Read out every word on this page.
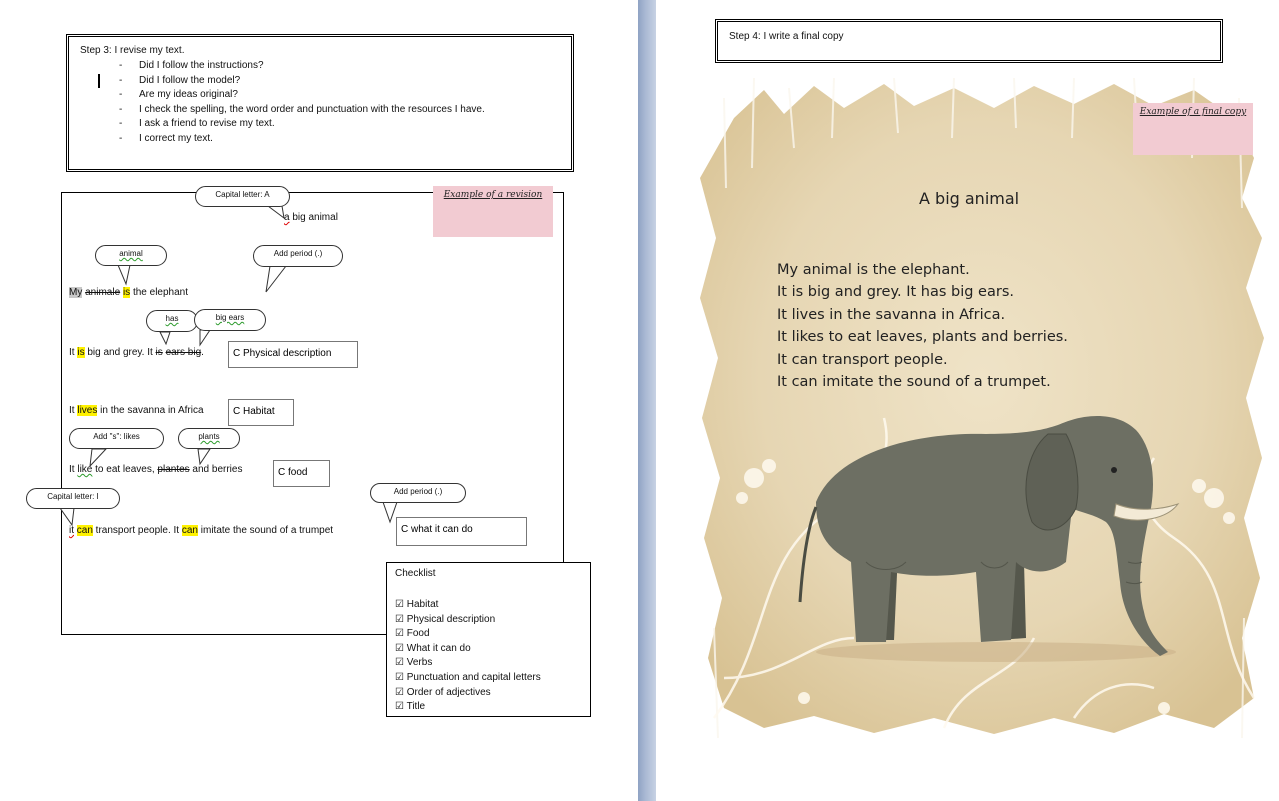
Step 3: I revise my text.
- Did I follow the instructions?
- Did I follow the model?
- Are my ideas original?
- I check the spelling, the word order and punctuation with the resources I have.
- I ask a friend to revise my text.
- I correct my text.
Example of a revision
Capital letter: A
animal	Add period (.)
has	big ears
Add "s": likes	plants
Capital letter: I
Add period (.)
a big animal
My animale is the elephant
It is big and grey. It is ears big.
It lives in the savanna in Africa
It like to eat leaves, plantes and berries
it can transport people. It can imitate the sound of a trumpet
C Physical description
C Habitat
C food
C what it can do
Checklist
☑ Habitat
☑ Physical description
☑ Food
☑ What it can do
☑ Verbs
☑ Punctuation and capital letters
☑ Order of adjectives
☑ Title
Step 4: I write a final copy
Example of a final copy
A big animal
My animal is the elephant.
It is big and grey. It has big ears.
It lives in the savanna in Africa.
It likes to eat leaves, plants and berries.
It can transport people.
It can imitate the sound of a trumpet.
